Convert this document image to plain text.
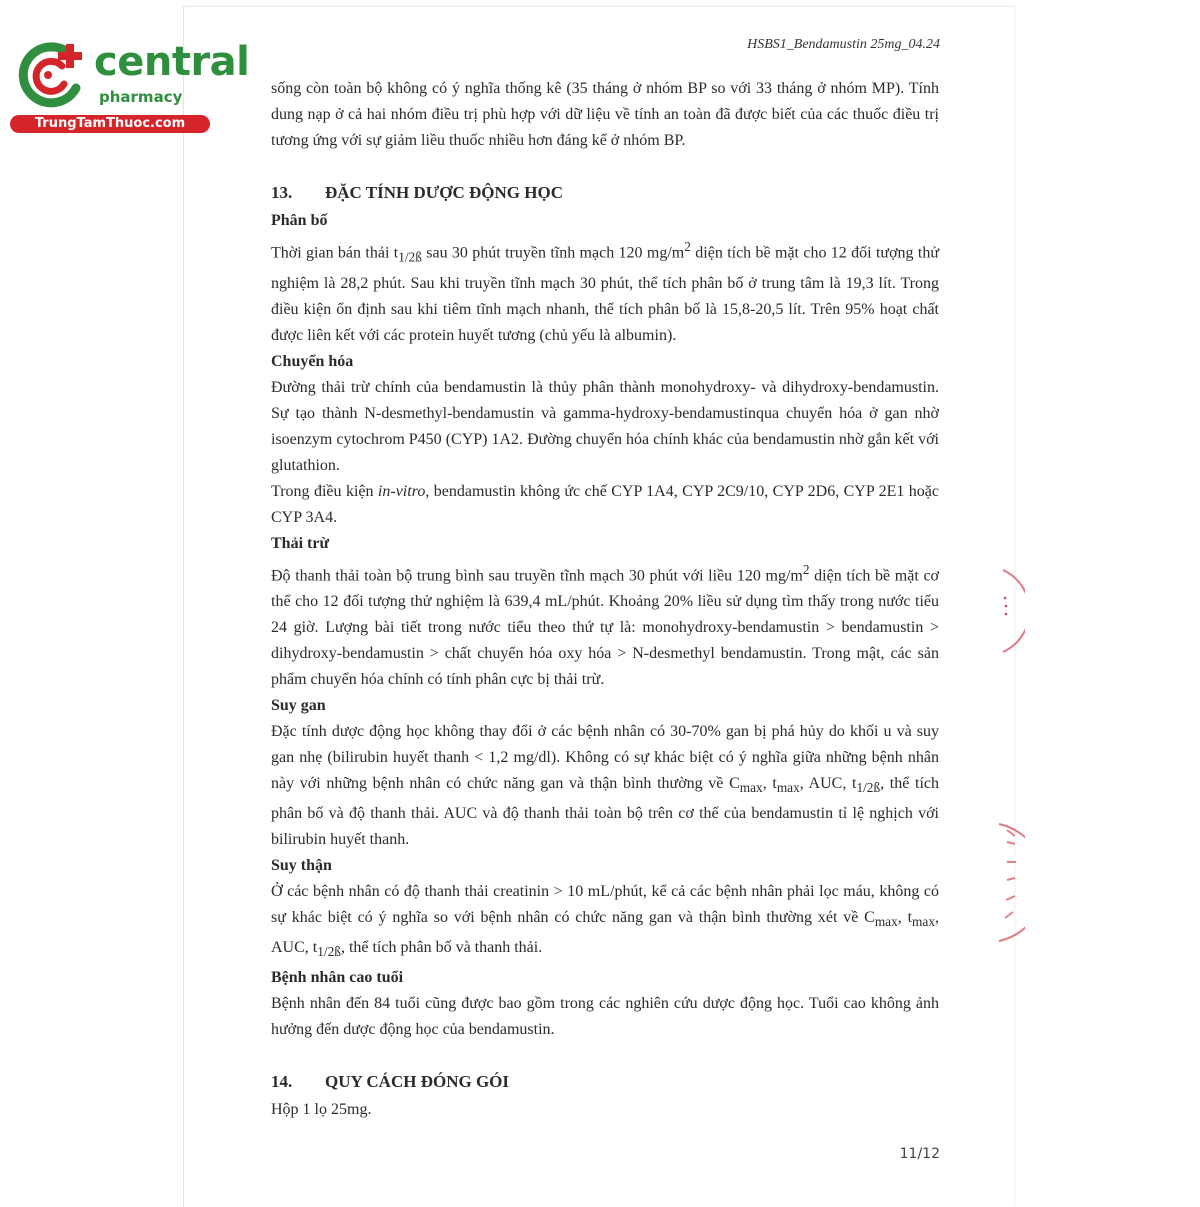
central
pharmacy
TrungTamThuoc.com
HSBS1_Bendamustin 25mg_04.24

sống còn toàn bộ không có ý nghĩa thống kê (35 tháng ở nhóm BP so với 33 tháng ở nhóm MP). Tính dung nạp ở cả hai nhóm điều trị phù hợp với dữ liệu về tính an toàn đã được biết của các thuốc điều trị tương ứng với sự giảm liều thuốc nhiều hơn đáng kể ở nhóm BP.

13. ĐẶC TÍNH DƯỢC ĐỘNG HỌC

Phân bố

Thời gian bán thải $t_{1/2ß}$ sau 30 phút truyền tĩnh mạch 120 $mg/m^2$ diện tích bề mặt cho 12 đối tượng thử nghiệm là 28,2 phút. Sau khi truyền tĩnh mạch 30 phút, thể tích phân bố ở trung tâm là 19,3 lít. Trong điều kiện ổn định sau khi tiêm tĩnh mạch nhanh, thể tích phân bố là 15,8-20,5 lít. Trên 95% hoạt chất được liên kết với các protein huyết tương (chủ yếu là albumin).

Chuyển hóa

Đường thải trừ chính của bendamustin là thủy phân thành monohydroxy- và dihydroxy-bendamustin. Sự tạo thành N-desmethyl-bendamustin và gamma-hydroxy-bendamustinqua chuyển hóa ở gan nhờ isoenzym cytochrom P450 (CYP) 1A2. Đường chuyển hóa chính khác của bendamustin nhờ gắn kết với glutathion.

Trong điều kiện in-vitro, bendamustin không ức chế CYP 1A4, CYP 2C9/10, CYP 2D6, CYP 2E1 hoặc CYP 3A4.

Thải trừ

Độ thanh thải toàn bộ trung bình sau truyền tĩnh mạch 30 phút với liều 120 $mg/m^2$ diện tích bề mặt cơ thể cho 12 đối tượng thử nghiệm là 639,4 mL/phút. Khoảng 20% liều sử dụng tìm thấy trong nước tiểu 24 giờ. Lượng bài tiết trong nước tiểu theo thứ tự là: monohydroxy-bendamustin > bendamustin > dihydroxy-bendamustin > chất chuyển hóa oxy hóa > N-desmethyl bendamustin. Trong mật, các sản phẩm chuyển hóa chính có tính phân cực bị thải trừ.

Suy gan

Đặc tính dược động học không thay đổi ở các bệnh nhân có 30-70% gan bị phá hủy do khối u và suy gan nhẹ (bilirubin huyết thanh < 1,2 mg/dl). Không có sự khác biệt có ý nghĩa giữa những bệnh nhân này với những bệnh nhân có chức năng gan và thận bình thường về $C_{max}$, $t_{max}$, AUC, $t_{1/2ß}$, thể tích phân bố và độ thanh thải. AUC và độ thanh thải toàn bộ trên cơ thể của bendamustin tỉ lệ nghịch với bilirubin huyết thanh.

Suy thận

Ở các bệnh nhân có độ thanh thải creatinin > 10 mL/phút, kể cả các bệnh nhân phải lọc máu, không có sự khác biệt có ý nghĩa so với bệnh nhân có chức năng gan và thận bình thường xét về $C_{max}$, $t_{max}$, AUC, $t_{1/2ß}$, thể tích phân bố và thanh thải.

Bệnh nhân cao tuổi

Bệnh nhân đến 84 tuổi cũng được bao gồm trong các nghiên cứu dược động học. Tuổi cao không ảnh hưởng đến dược động học của bendamustin.

14. QUY CÁCH ĐÓNG GÓI

Hộp 1 lọ 25mg.

11/12
